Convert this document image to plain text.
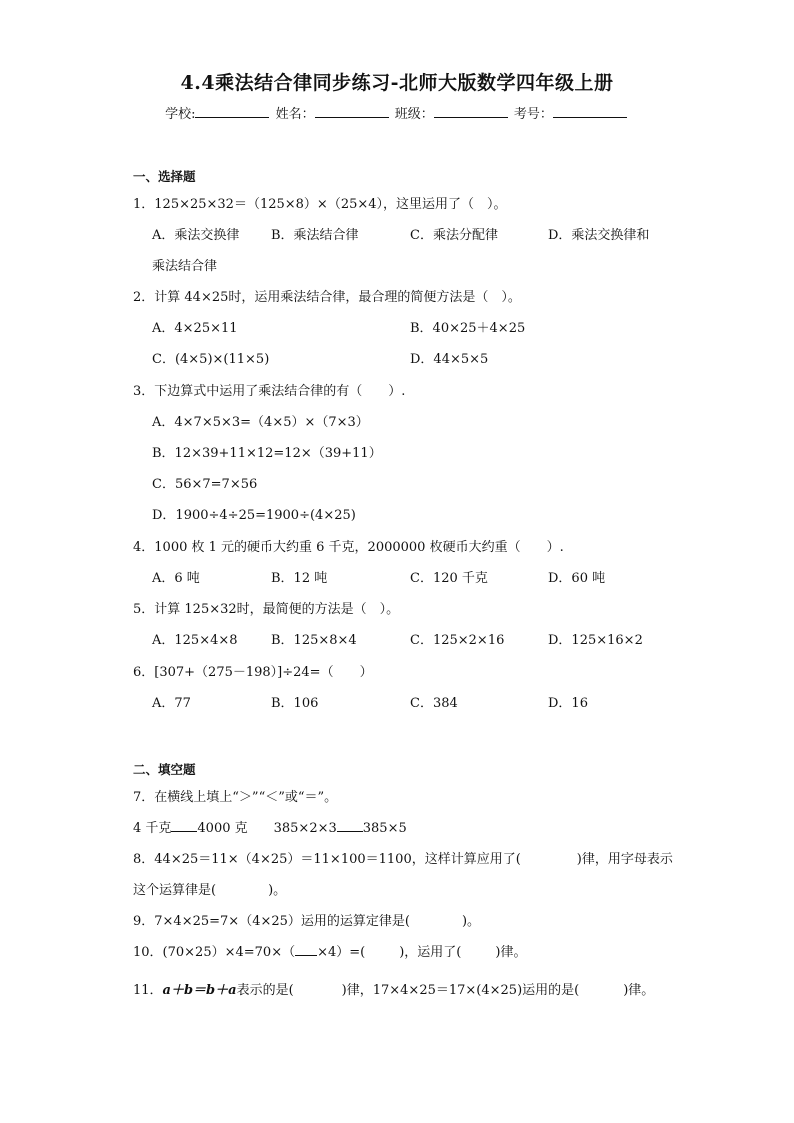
4.4乘法结合律同步练习-北师大版数学四年级上册
学校:	姓名：	班级：	考号：
一、选择题
1．125×25×32＝（125×8）×（25×4），这里运用了（　）。
A．乘法交换律 B．乘法结合律	C．乘法分配律	D．乘法交换律和
乘法结合律
2．计算 44×25时，运用乘法结合律，最合理的简便方法是（　）。
A．4×25×11	B．40×25＋4×25
C．(4×5)×(11×5)	D．44×5×5
3．下边算式中运用了乘法结合律的有（　　）.
A．4×7×5×3=（4×5）×（7×3）
B．12×39+11×12=12×（39+11）
C．56×7=7×56
D．1900÷4÷25=1900÷(4×25)
4．1000 枚 1 元的硬币大约重 6 千克，2000000 枚硬币大约重（　　）.
A．6 吨	B．12 吨	C．120 千克	D．60 吨
5．计算 125×32时，最简便的方法是（　）。
A．125×4×8	B．125×8×4	C．125×2×16	D．125×16×2
6．[307+（275－198）]÷24=（　　）
A．77	B．106	C．384	D．16
二、填空题
7．在横线上填上“＞”“＜”或“＝”。
4 千克 4000 克　　385×2×3 385×5
8．44×25＝11×（4×25）＝11×100＝1100，这样计算应用了(	)律，用字母表示
这个运算律是(	)。
9．7×4×25=7×（4×25）运用的运算定律是(	)。
10．(70×25）×4=70×（ ×4）=(	)，运用了(	)律。
11．a＋b＝b＋a表示的是(	)律，17×4×25＝17×(4×25)运用的是(	)律。
